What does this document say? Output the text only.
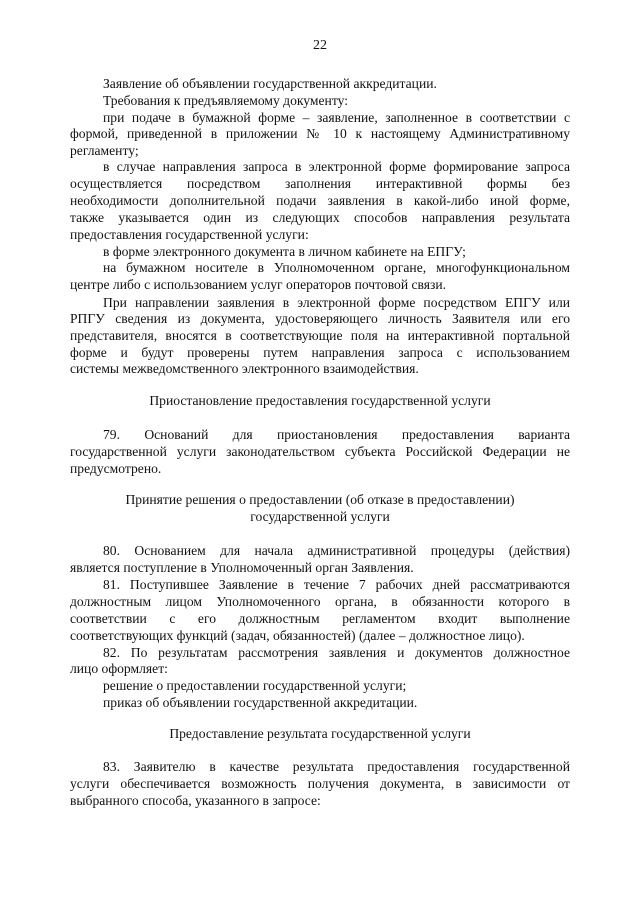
22
Заявление об объявлении государственной аккредитации.
Требования к предъявляемому документу:
при подаче в бумажной форме – заявление, заполненное в соответствии с
формой, приведенной в приложении № 10 к настоящему Административному
регламенту;
в случае направления запроса в электронной форме формирование запроса
осуществляется посредством заполнения интерактивной формы без
необходимости дополнительной подачи заявления в какой-либо иной форме,
также указывается один из следующих способов направления результата
предоставления государственной услуги:
в форме электронного документа в личном кабинете на ЕПГУ;
на бумажном носителе в Уполномоченном органе, многофункциональном
центре либо с использованием услуг операторов почтовой связи.
При направлении заявления в электронной форме посредством ЕПГУ или
РПГУ сведения из документа, удостоверяющего личность Заявителя или его
представителя, вносятся в соответствующие поля на интерактивной портальной
форме и будут проверены путем направления запроса с использованием
системы межведомственного электронного взаимодействия.
Приостановление предоставления государственной услуги
79. Оснований для приостановления предоставления варианта
государственной услуги законодательством субъекта Российской Федерации не
предусмотрено.
Принятие решения о предоставлении (об отказе в предоставлении)
государственной услуги
80. Основанием для начала административной процедуры (действия)
является поступление в Уполномоченный орган Заявления.
81. Поступившее Заявление в течение 7 рабочих дней рассматриваются
должностным лицом Уполномоченного органа, в обязанности которого в
соответствии с его должностным регламентом входит выполнение
соответствующих функций (задач, обязанностей) (далее – должностное лицо).
82. По результатам рассмотрения заявления и документов должностное
лицо оформляет:
решение о предоставлении государственной услуги;
приказ об объявлении государственной аккредитации.
Предоставление результата государственной услуги
83. Заявителю в качестве результата предоставления государственной
услуги обеспечивается возможность получения документа, в зависимости от
выбранного способа, указанного в запросе:
